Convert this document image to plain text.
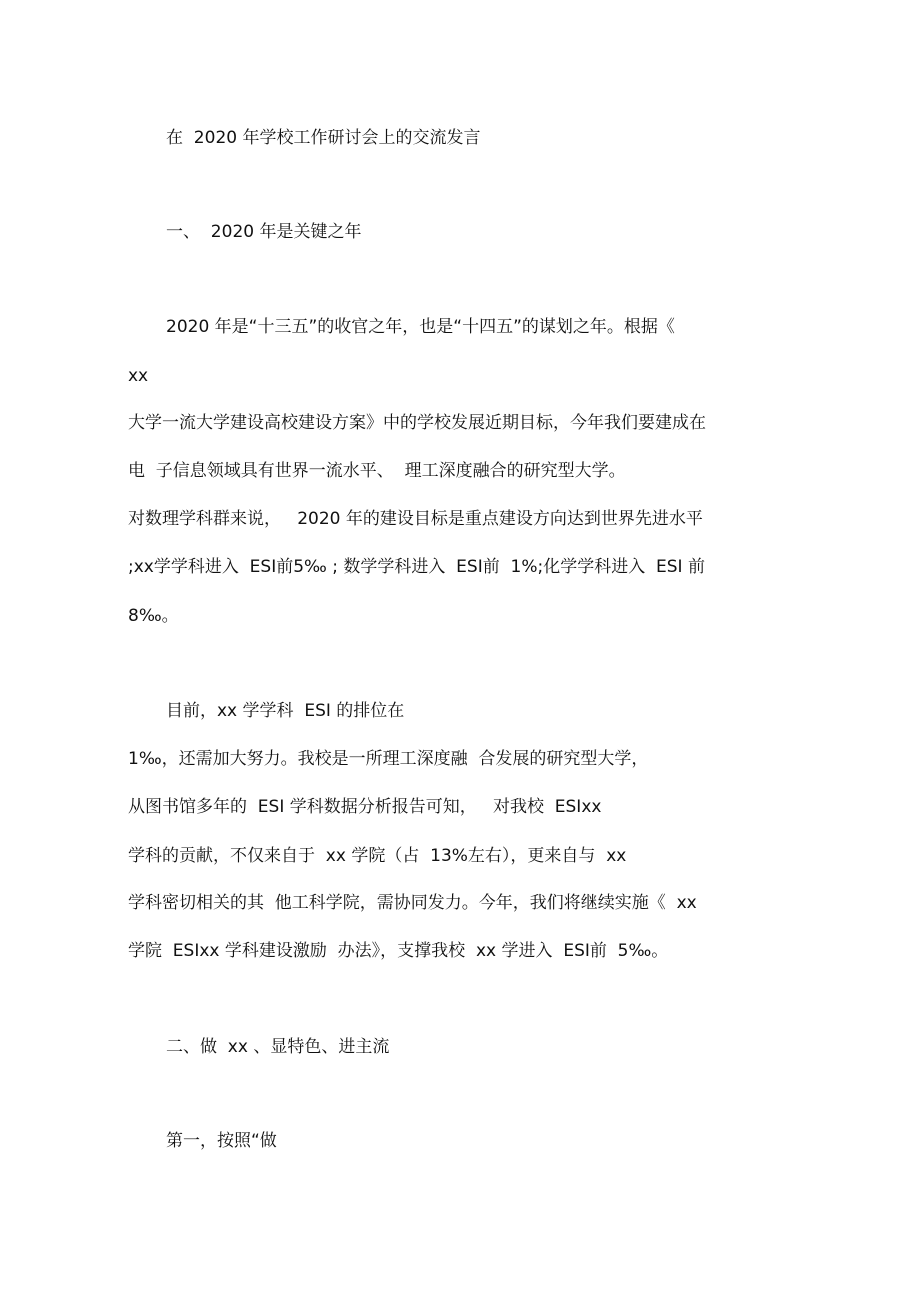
在  2020 年学校工作研讨会上的交流发言
一、  2020 年是关键之年
2020 年是“十三五”的收官之年，也是“十四五”的谋划之年。根据《
xx
大学一流大学建设高校建设方案》中的学校发展近期目标，今年我们要建成在
电  子信息领域具有世界一流水平、  理工深度融合的研究型大学。
对数理学科群来说，   2020 年的建设目标是重点建设方向达到世界先进水平
;xx学学科进入  ESI前5‰ ; 数学学科进入  ESI前  1%;化学学科进入  ESI 前
8‰。
目前，xx 学学科  ESI 的排位在
1‰，还需加大努力。我校是一所理工深度融  合发展的研究型大学，
从图书馆多年的  ESI 学科数据分析报告可知，   对我校  ESIxx
学科的贡献，不仅来自于  xx 学院（占  13%左右），更来自与  xx
学科密切相关的其  他工科学院，需协同发力。今年，我们将继续实施《  xx
学院  ESIxx 学科建设激励  办法》，支撑我校  xx 学进入  ESI前  5‰。
二、做  xx 、显特色、进主流
第一，按照“做
